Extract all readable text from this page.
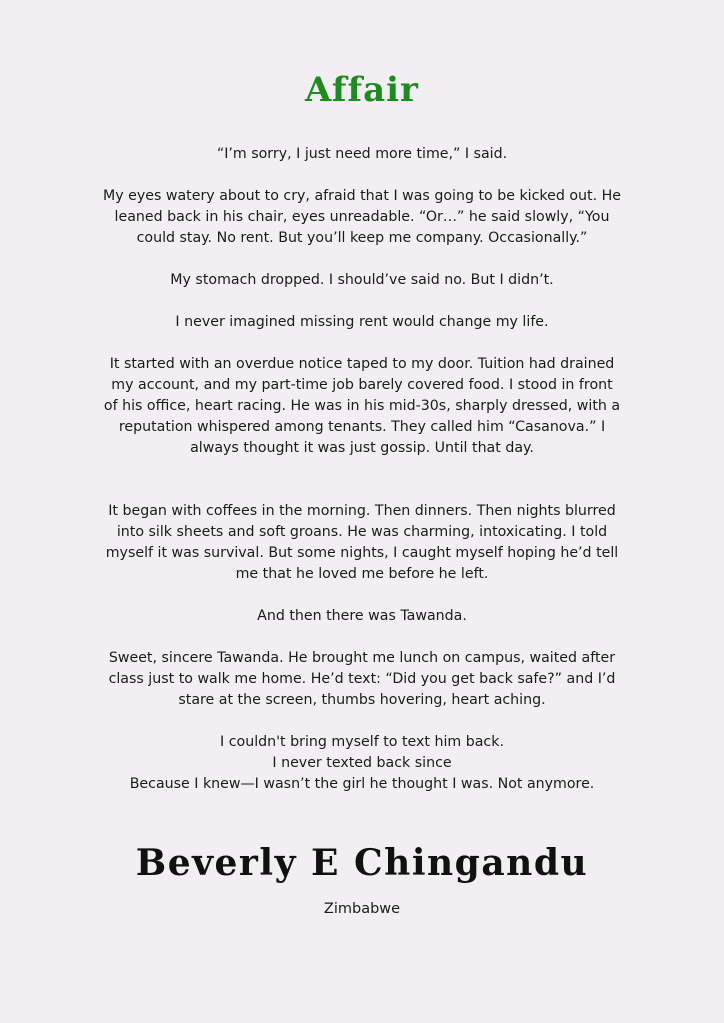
Affair

“I’m sorry, I just need more time,” I said.

My eyes watery about to cry, afraid that I was going to be kicked out. He
leaned back in his chair, eyes unreadable. “Or…” he said slowly, “You
could stay. No rent. But you’ll keep me company. Occasionally.”

My stomach dropped. I should’ve said no. But I didn’t.

I never imagined missing rent would change my life.

It started with an overdue notice taped to my door. Tuition had drained
my account, and my part-time job barely covered food. I stood in front
of his office, heart racing. He was in his mid-30s, sharply dressed, with a
reputation whispered among tenants. They called him “Casanova.” I
always thought it was just gossip. Until that day.

It began with coffees in the morning. Then dinners. Then nights blurred
into silk sheets and soft groans. He was charming, intoxicating. I told
myself it was survival. But some nights, I caught myself hoping he’d tell
me that he loved me before he left.

And then there was Tawanda.

Sweet, sincere Tawanda. He brought me lunch on campus, waited after
class just to walk me home. He’d text: “Did you get back safe?” and I’d
stare at the screen, thumbs hovering, heart aching.

I couldn't bring myself to text him back.
I never texted back since
Because I knew—I wasn’t the girl he thought I was. Not anymore.

Beverly E Chingandu
Zimbabwe
